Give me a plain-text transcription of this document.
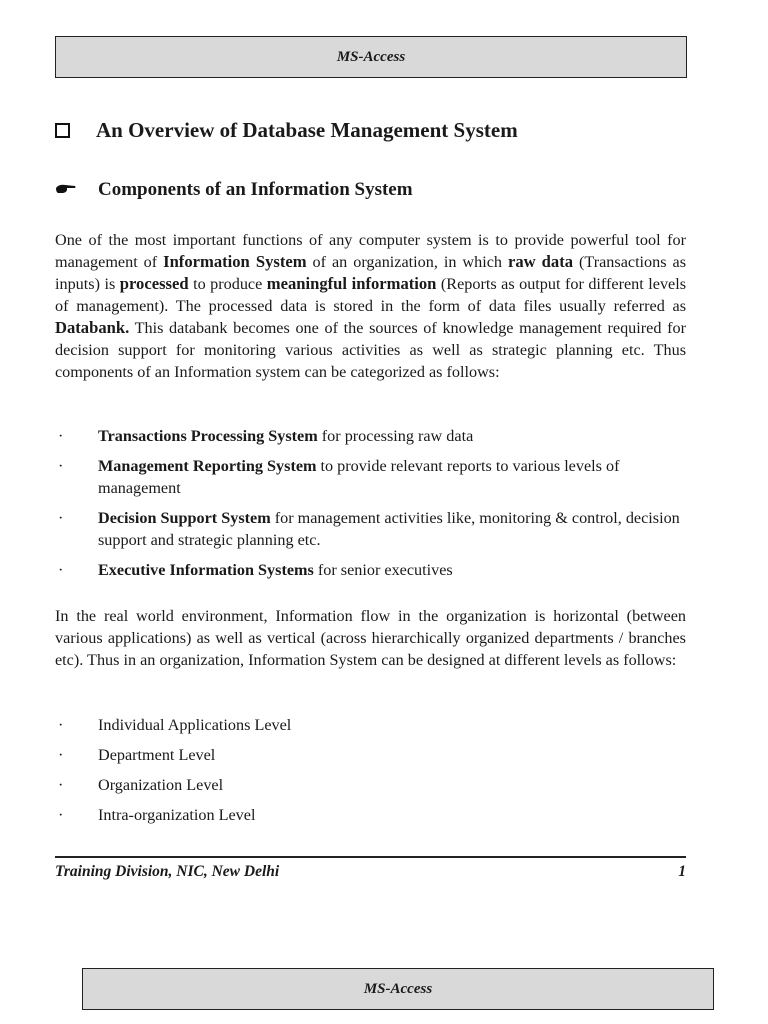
MS-Access
An Overview of Database Management System
Components of an Information System
One of the most important functions of any computer system is to provide powerful tool for management of Information System of an organization, in which raw data (Transactions as inputs) is processed to produce meaningful information (Reports as output for different levels of management). The processed data is stored in the form of data files usually referred as Databank. This databank becomes one of the sources of knowledge management required for decision support for monitoring various activities as well as strategic planning etc. Thus components of an Information system can be categorized as follows:
· Transactions Processing System for processing raw data
· Management Reporting System to provide relevant reports to various levels of management
· Decision Support System for management activities like, monitoring & control, decision support and strategic planning etc.
· Executive Information Systems for senior executives
In the real world environment, Information flow in the organization is horizontal (between various applications) as well as vertical (across hierarchically organized departments / branches etc). Thus in an organization, Information System can be designed at different levels as follows:
· Individual Applications Level
· Department Level
· Organization Level
· Intra-organization Level
Training Division, NIC, New Delhi	1
MS-Access
